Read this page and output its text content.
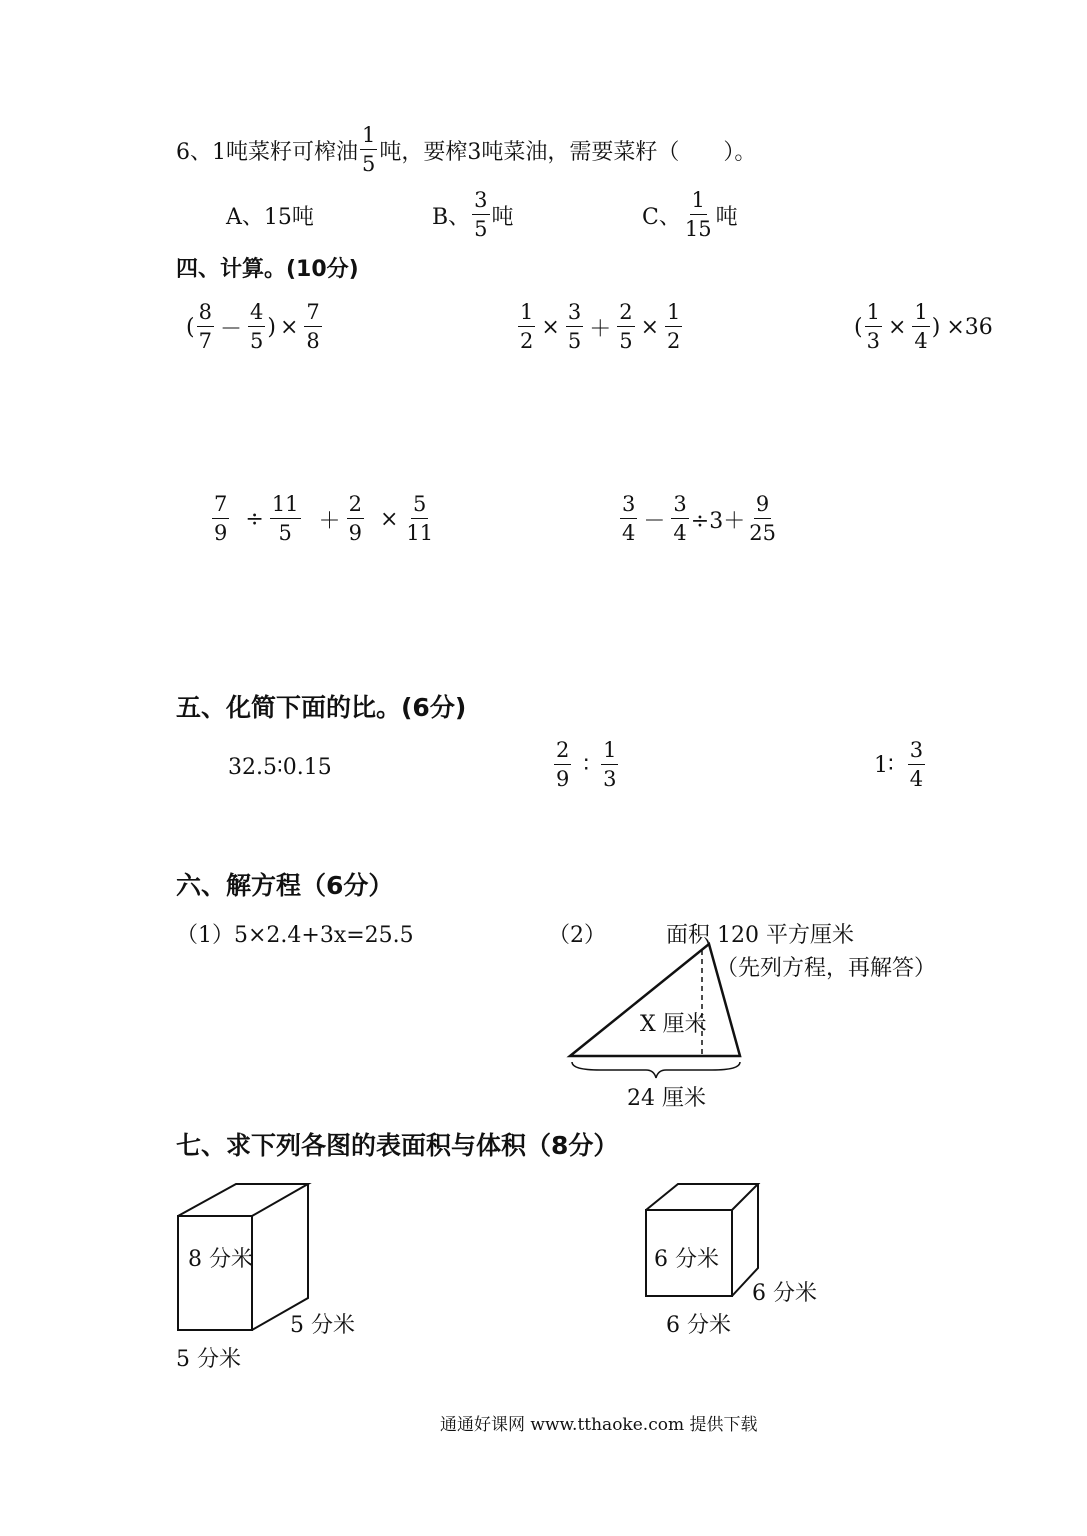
6、1吨菜籽可榨油 $\frac{1}{5}$ 吨，要榨3吨菜油，需要菜籽（　　）。
A、15吨	B、 $\frac{3}{5}$ 吨	C、 $\frac{1}{15}$ 吨
四、计算。(10分)
( $\frac{8}{7} - \frac{4}{5}$ ) × $\frac{7}{8}$	$\frac{1}{2} \times \frac{3}{5} + \frac{2}{5} \times \frac{1}{2}$	( $\frac{1}{3} \times \frac{1}{4}$ ) ×36
$\frac{7}{9} \div \frac{11}{5} + \frac{2}{9} \times \frac{5}{11}$	$\frac{3}{4} - \frac{3}{4} \div 3+ \frac{9}{25}$
五、化简下面的比。(6分)
32.5∶0.15	$\frac{2}{9}$ ∶ $\frac{1}{3}$	1∶ $\frac{3}{4}$
六、解方程（6分）
（1）5×2.4+3x=25.5	（2）	面积 120 平方厘米
（先列方程，再解答）
X 厘米
24 厘米
七、求下列各图的表面积与体积（8分）
8 分米
5 分米
5 分米
6 分米
6 分米
6 分米
通通好课网 www.tthaoke.com 提供下载
